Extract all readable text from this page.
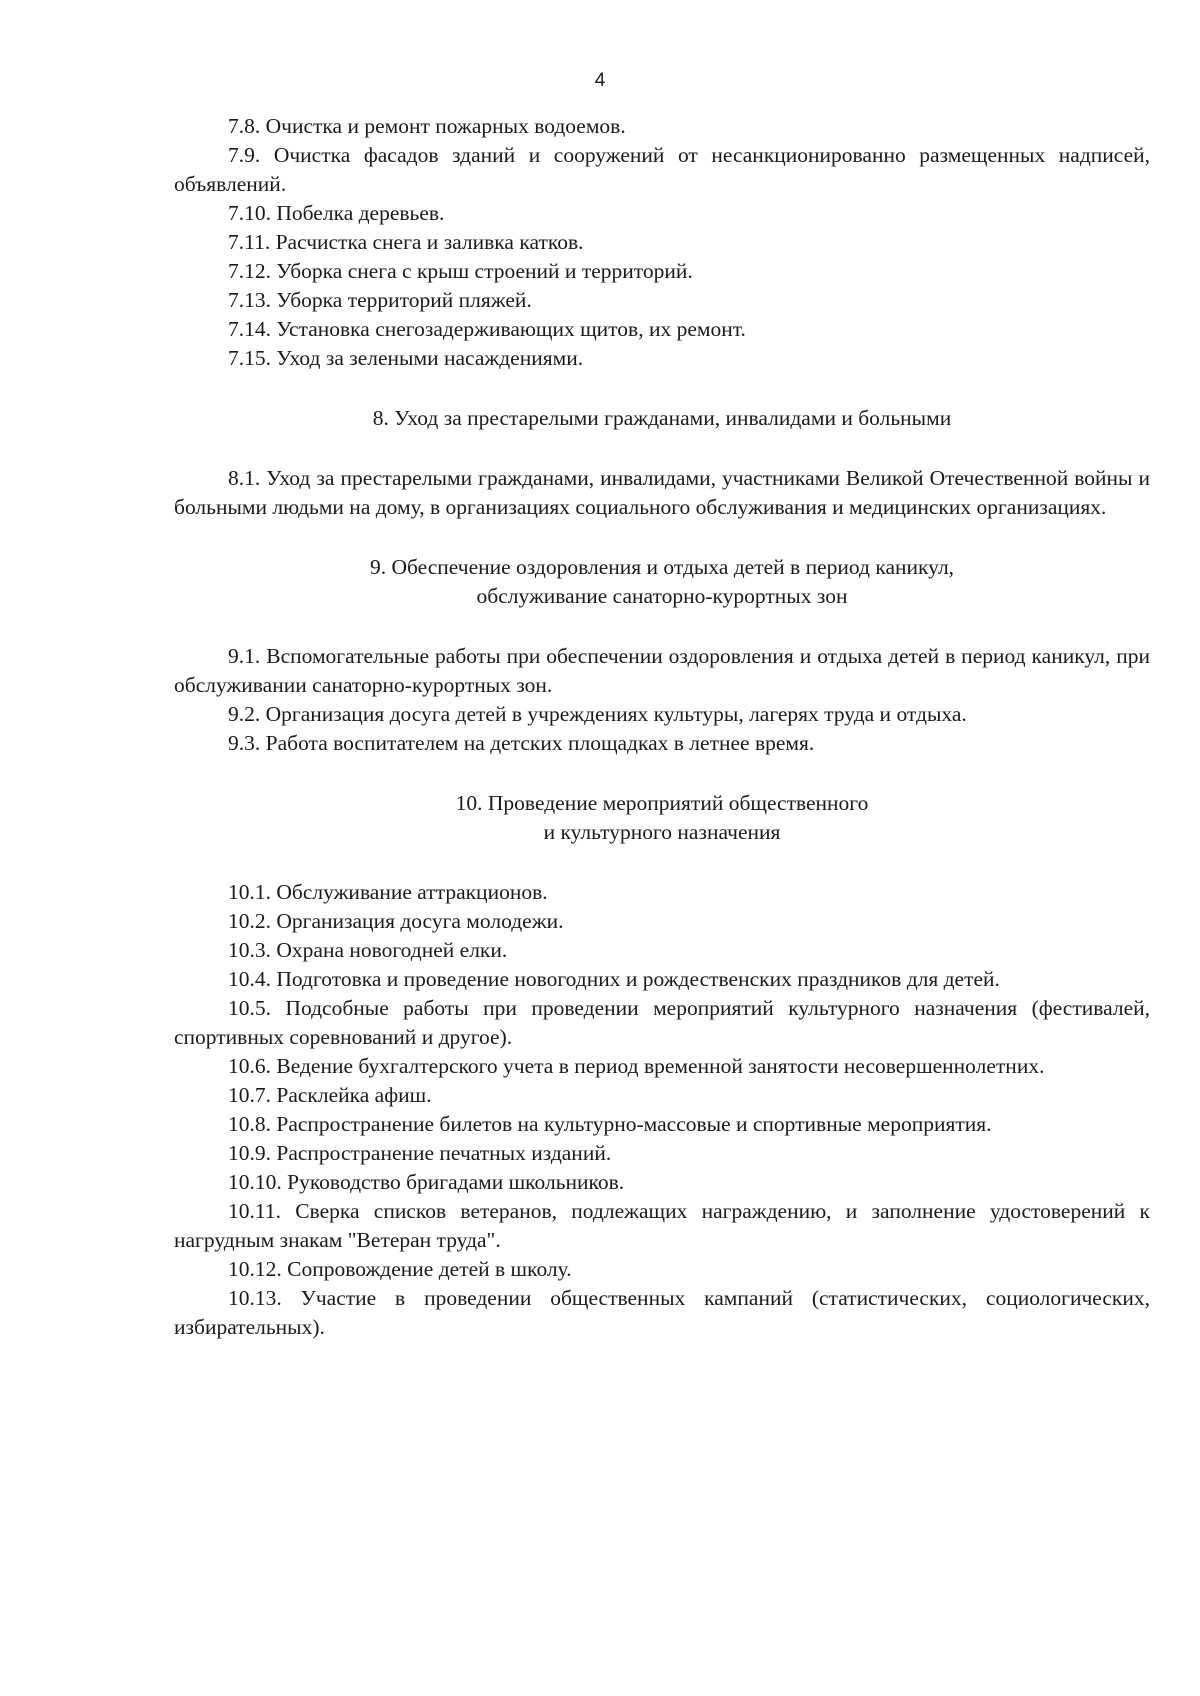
4

7.8. Очистка и ремонт пожарных водоемов.

7.9. Очистка фасадов зданий и сооружений от несанкционированно размещенных надписей, объявлений.

7.10. Побелка деревьев.

7.11. Расчистка снега и заливка катков.

7.12. Уборка снега с крыш строений и территорий.

7.13. Уборка территорий пляжей.

7.14. Установка снегозадерживающих щитов, их ремонт.

7.15. Уход за зелеными насаждениями.

8. Уход за престарелыми гражданами, инвалидами и больными

8.1. Уход за престарелыми гражданами, инвалидами, участниками Великой Отечественной войны и больными людьми на дому, в организациях социального обслуживания и медицинских организациях.

9. Обеспечение оздоровления и отдыха детей в период каникул,
обслуживание санаторно-курортных зон

9.1. Вспомогательные работы при обеспечении оздоровления и отдыха детей в период каникул, при обслуживании санаторно-курортных зон.

9.2. Организация досуга детей в учреждениях культуры, лагерях труда и отдыха.

9.3. Работа воспитателем на детских площадках в летнее время.

10. Проведение мероприятий общественного
и культурного назначения

10.1. Обслуживание аттракционов.

10.2. Организация досуга молодежи.

10.3. Охрана новогодней елки.

10.4. Подготовка и проведение новогодних и рождественских праздников для детей.

10.5. Подсобные работы при проведении мероприятий культурного назначения (фестивалей, спортивных соревнований и другое).

10.6. Ведение бухгалтерского учета в период временной занятости несовершеннолетних.

10.7. Расклейка афиш.

10.8. Распространение билетов на культурно-массовые и спортивные мероприятия.

10.9. Распространение печатных изданий.

10.10. Руководство бригадами школьников.

10.11. Сверка списков ветеранов, подлежащих награждению, и заполнение удостоверений к нагрудным знакам "Ветеран труда".

10.12. Сопровождение детей в школу.

10.13. Участие в проведении общественных кампаний (статистических, социологических, избирательных).
